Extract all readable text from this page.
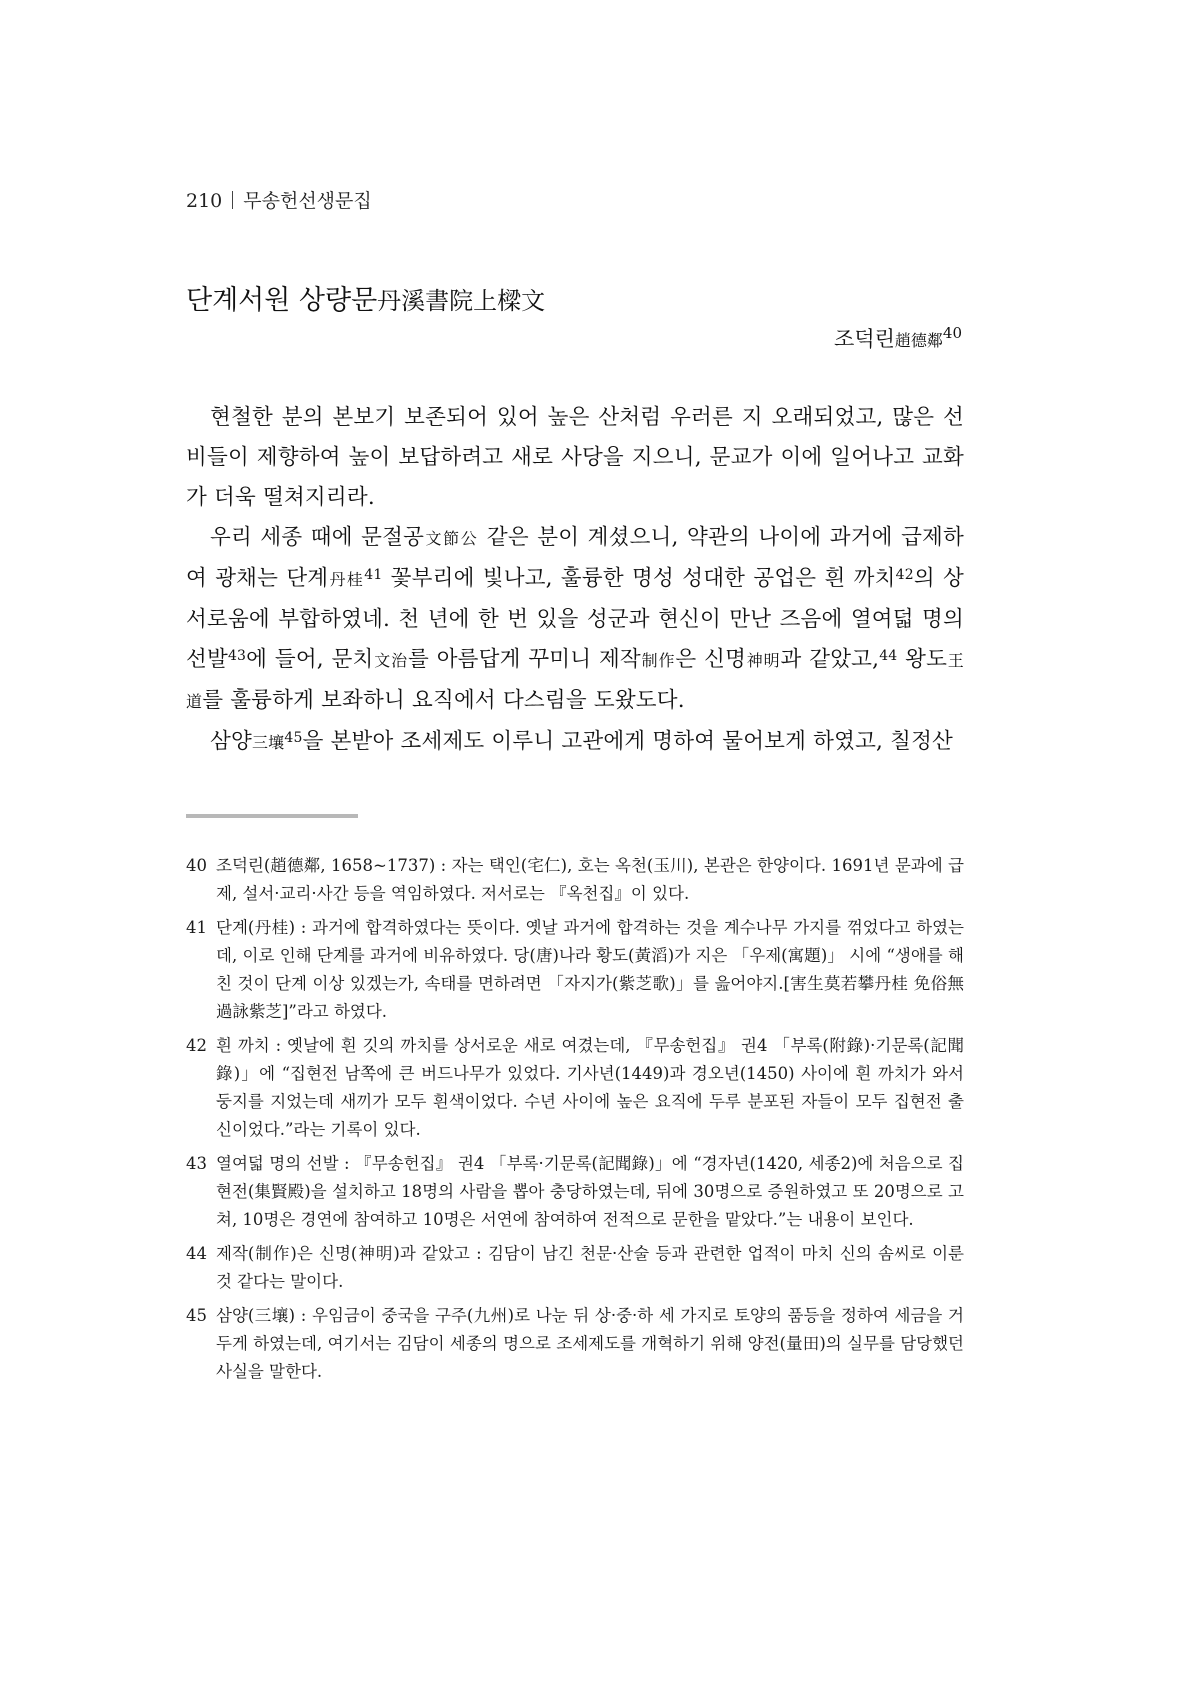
210 무송헌선생문집
단계서원 상량문丹溪書院上樑文
조덕린趙德鄰$^{40}$

현철한 분의 본보기 보존되어 있어 높은 산처럼 우러른 지 오래되었고, 많은 선비들이 제향하여 높이 보답하려고 새로 사당을 지으니, 문교가 이에 일어나고 교화가 더욱 떨쳐지리라.

우리 세종 때에 문절공文節公 같은 분이 계셨으니, 약관의 나이에 과거에 급제하여 광채는 단계丹桂$^{41}$ 꽃부리에 빛나고, 훌륭한 명성 성대한 공업은 흰 까치$^{42}$의 상서로움에 부합하였네. 천 년에 한 번 있을 성군과 현신이 만난 즈음에 열여덟 명의 선발$^{43}$에 들어, 문치文治를 아름답게 꾸미니 제작制作은 신명神明과 같았고,$^{44}$ 왕도王道를 훌륭하게 보좌하니 요직에서 다스림을 도왔도다.

삼양三壤$^{45}$을 본받아 조세제도 이루니 고관에게 명하여 물어보게 하였고, 칠정산

40 조덕린(趙德鄰, 1658~1737) : 자는 택인(宅仁), 호는 옥천(玉川), 본관은 한양이다. 1691년 문과에 급제, 설서·교리·사간 등을 역임하였다. 저서로는 『옥천집』이 있다.
41 단계(丹桂) : 과거에 합격하였다는 뜻이다. 옛날 과거에 합격하는 것을 계수나무 가지를 꺾었다고 하였는데, 이로 인해 단계를 과거에 비유하였다. 당(唐)나라 황도(黃滔)가 지은 「우제(寓題)」 시에 “생애를 해친 것이 단계 이상 있겠는가, 속태를 면하려면 「자지가(紫芝歌)」를 읊어야지.[害生莫若攀丹桂 免俗無過詠紫芝]”라고 하였다.
42 흰 까치 : 옛날에 흰 깃의 까치를 상서로운 새로 여겼는데, 『무송헌집』 권4 「부록(附錄)·기문록(記聞錄)」에 “집현전 남쪽에 큰 버드나무가 있었다. 기사년(1449)과 경오년(1450) 사이에 흰 까치가 와서 둥지를 지었는데 새끼가 모두 흰색이었다. 수년 사이에 높은 요직에 두루 분포된 자들이 모두 집현전 출신이었다.”라는 기록이 있다.
43 열여덟 명의 선발 : 『무송헌집』 권4 「부록·기문록(記聞錄)」에 “경자년(1420, 세종2)에 처음으로 집현전(集賢殿)을 설치하고 18명의 사람을 뽑아 충당하였는데, 뒤에 30명으로 증원하였고 또 20명으로 고쳐, 10명은 경연에 참여하고 10명은 서연에 참여하여 전적으로 문한을 맡았다.”는 내용이 보인다.
44 제작(制作)은 신명(神明)과 같았고 : 김담이 남긴 천문·산술 등과 관련한 업적이 마치 신의 솜씨로 이룬 것 같다는 말이다.
45 삼양(三壤) : 우임금이 중국을 구주(九州)로 나눈 뒤 상·중·하 세 가지로 토양의 품등을 정하여 세금을 거두게 하였는데, 여기서는 김담이 세종의 명으로 조세제도를 개혁하기 위해 양전(量田)의 실무를 담당했던 사실을 말한다.
